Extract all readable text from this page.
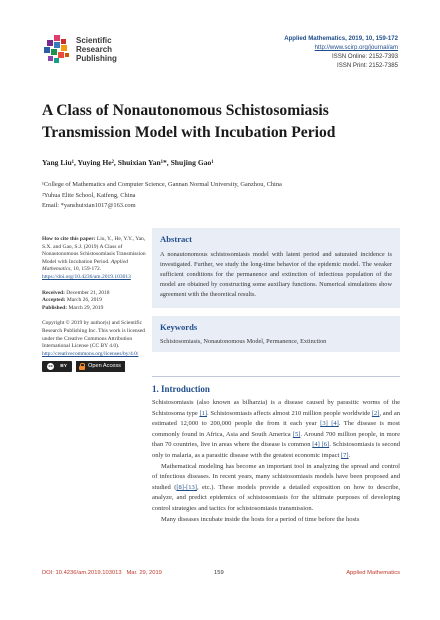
Scientific
Research
Publishing
Applied Mathematics, 2019, 10, 159-172
http://www.scirp.org/journal/am
ISSN Online: 2152-7393
ISSN Print: 2152-7385
A Class of Nonautonomous Schistosomiasis
Transmission Model with Incubation Period
Yang Liu¹, Yuying He², Shuixian Yan¹*, Shujing Gao¹
¹College of Mathematics and Computer Science, Gannan Normal University, Ganzhou, China
²Yuhua Elite School, Kaifeng, China
Email: *yanshuixian1017@163.com
How to cite this paper: Liu, Y., He, Y.Y., Yan, S.X. and Gao, S.J. (2019) A Class of Nonautonomous Schistosomiasis Transmission Model with Incubation Period. Applied Mathematics, 10, 159-172. https://doi.org/10.4236/am.2019.103013
Received: December 21, 2018
Accepted: March 26, 2019
Published: March 29, 2019
Copyright © 2019 by author(s) and Scientific Research Publishing Inc. This work is licensed under the Creative Commons Attribution International License (CC BY 4.0).
http://creativecommons.org/licenses/by/4.0/
cc BY	Open Access
Abstract
A nonautonomous schistosomiasis model with latent period and saturated incidence is investigated. Further, we study the long-time behavior of the epidemic model. The weaker sufficient conditions for the permanence and extinction of infectious population of the model are obtained by constructing some auxiliary functions. Numerical simulations show agreement with the theoretical results.
Keywords
Schistosomiasis, Nonautonomous Model, Permanence, Extinction
1. Introduction

Schistosomiasis (also known as bilharzia) is a disease caused by parasitic worms of the Schistosoma type [1]. Schistosomiasis affects almost 210 million people worldwide [2], and an estimated 12,000 to 200,000 people die from it each year [3] [4]. The disease is most commonly found in Africa, Asia and South America [5]. Around 700 million people, in more than 70 countries, live in areas where the disease is common [4] [6]. Schistosomiasis is second only to malaria, as a parasitic disease with the greatest economic impact [7].

Mathematical modeling has become an important tool in analyzing the spread and control of infectious diseases. In recent years, many schistosomiasis models have been proposed and studied ([8]-[13], etc.). These models provide a detailed exposition on how to describe, analyze, and predict epidemics of schistosomiasis for the ultimate purposes of developing control strategies and tactics for schistosomiasis transmission.

Many diseases incubate inside the hosts for a period of time before the hosts

DOI: 10.4236/am.2019.103013 Mar. 29, 2019	159	Applied Mathematics
